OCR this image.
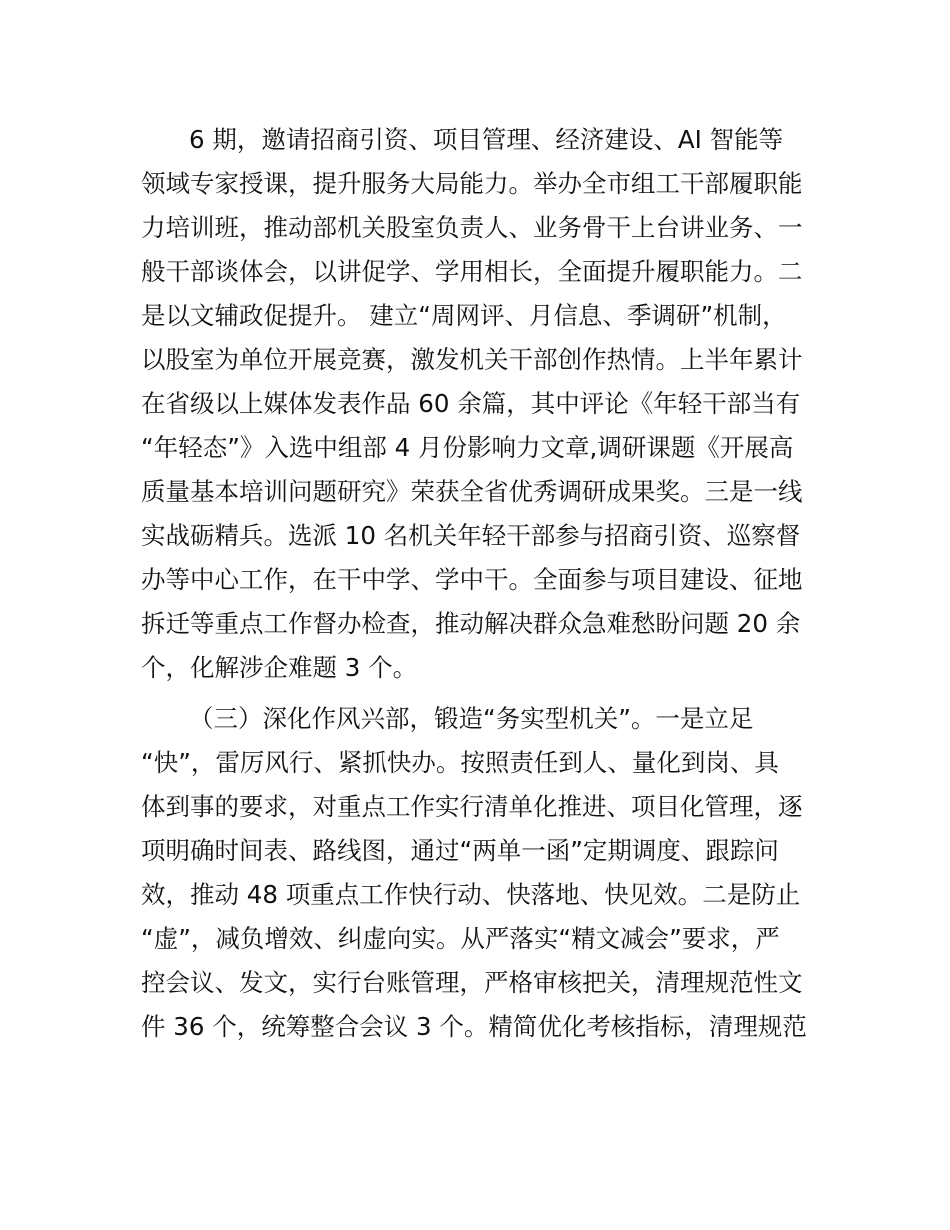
6 期，邀请招商引资、项目管理、经济建设、AI 智能等
领域专家授课，提升服务大局能力。举办全市组工干部履职能
力培训班，推动部机关股室负责人、业务骨干上台讲业务、一
般干部谈体会，以讲促学、学用相长，全面提升履职能力。二
是以文辅政促提升。 建立“周网评、月信息、季调研”机制，
以股室为单位开展竞赛，激发机关干部创作热情。上半年累计
在省级以上媒体发表作品 60 余篇，其中评论《年轻干部当有
“年轻态”》入选中组部 4 月份影响力文章,调研课题《开展高
质量基本培训问题研究》荣获全省优秀调研成果奖。三是一线
实战砺精兵。选派 10 名机关年轻干部参与招商引资、巡察督
办等中心工作，在干中学、学中干。全面参与项目建设、征地
拆迁等重点工作督办检查，推动解决群众急难愁盼问题 20 余
个，化解涉企难题 3 个。
（三）深化作风兴部，锻造“务实型机关”。一是立足
“快”，雷厉风行、紧抓快办。按照责任到人、量化到岗、具
体到事的要求，对重点工作实行清单化推进、项目化管理，逐
项明确时间表、路线图，通过“两单一函”定期调度、跟踪问
效，推动 48 项重点工作快行动、快落地、快见效。二是防止
“虚”，减负增效、纠虚向实。从严落实“精文减会”要求，严
控会议、发文，实行台账管理，严格审核把关，清理规范性文
件 36 个，统筹整合会议 3 个。精简优化考核指标，清理规范
